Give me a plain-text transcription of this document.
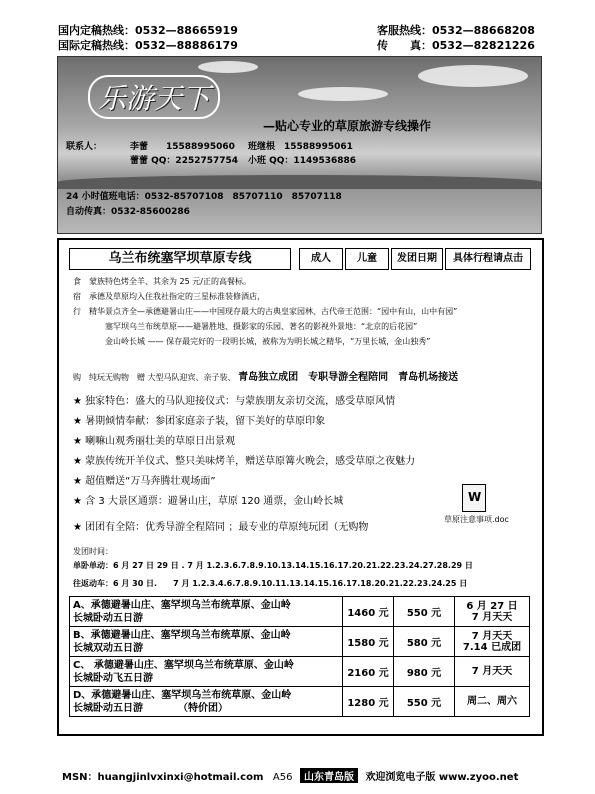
国内定稿热线：0532—88665919
国际定稿热线：0532—88886179
客服热线：0532—88668208
传　　真：0532—82821226
乐游天下
—贴心专业的草原旅游专线操作
联系人：	李蕾　　15588995060
蕾蕾 QQ：2252757754
班继根　15588995061
小班 QQ：1149536886
24 小时值班电话：0532-85707108　85707110　85707118
自动传真：0532-85600286
乌兰布统塞罕坝草原专线	成人	儿童	发团日期	具体行程请点击
食　蒙族特色烤全羊、其余为 25 元/正的高餐标。
宿　承德及草原均入住我社指定的三星标准装修酒店，
行　精华景点齐全—承德避暑山庄——中国现存最大的古典皇家园林、古代帝王范围：“园中有山，山中有园”
　　　　塞罕坝乌兰布统草原——避暑胜地、摄影家的乐园、著名的影视外景地：“北京的后花园”
　　　　金山岭长城 —— 保存最完好的一段明长城，被称为为明长城之精华，“万里长城，金山独秀”
购　纯玩无购物　赠 大型马队迎宾、亲子装、 青岛独立成团　专职导游全程陪同　青岛机场接送
★ 独家特色：盛大的马队迎接仪式：与蒙族朋友亲切交流，感受草原风情
★ 暑期倾情奉献：参团家庭亲子装，留下美好的草原印象
★ 喇嘛山观秀丽壮美的草原日出景观
★ 蒙族传统开羊仪式、整只美味烤羊，赠送草原篝火晚会，感受草原之夜魅力
★ 超值赠送“万马奔腾壮观场面”
★ 含 3 大景区通票：避暑山庄，草原 120 通票，金山岭长城
★ 团团有全陪：优秀导游全程陪同 ；最专业的草原纯玩团（无购物
W
草原注意事项.doc
发团时间：
单卧单动：6 月 27 日 29 日 . 7 月 1.2.3.6.7.8.9.10.13.14.15.16.17.20.21.22.23.24.27.28.29 日
往返动车：6 月 30 日.　　7 月 1.2.3.4.6.7.8.9.10.11.13.14.15.16.17.18.20.21.22.23.24.25 日
A、承德避暑山庄、塞罕坝乌兰布统草原、金山岭
长城卧动五日游	1460 元	550 元	6 月 27 日
7 月天天
B、承德避暑山庄、塞罕坝乌兰布统草原、金山岭
长城双动五日游	1580 元	580 元	7 月天天
7.14 已成团
C、 承德避暑山庄、塞罕坝乌兰布统草原、金山岭
长城卧动飞五日游	2160 元	980 元	7 月天天

D、承德避暑山庄、塞罕坝乌兰布统草原、金山岭
长城卧动五日游　　　　（特价团）	1280 元	550 元	周二、周六

MSN：huangjinlvxinxi@hotmail.com A56 山东青岛版 欢迎浏览电子版 www.zyoo.net
